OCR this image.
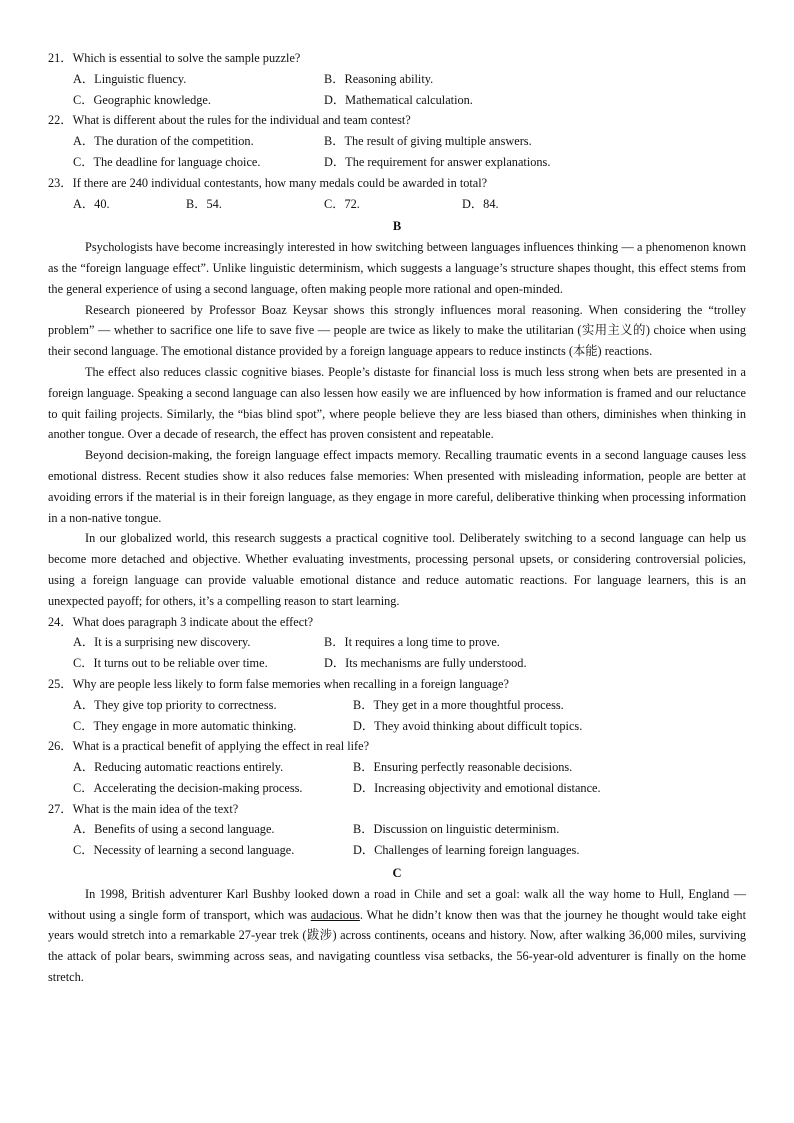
21．Which is essential to solve the sample puzzle?

A．Linguistic fluency.	B．Reasoning ability.
C．Geographic knowledge.	D．Mathematical calculation.

22．What is different about the rules for the individual and team contest?

A．The duration of the competition.	B．The result of giving multiple answers.
C．The deadline for language choice.	D．The requirement for answer explanations.

23．If there are 240 individual contestants, how many medals could be awarded in total?

A．40.	B．54.	C．72.	D．84.

B

Psychologists have become increasingly interested in how switching between languages influences thinking — a phenomenon known as the “foreign language effect”. Unlike linguistic determinism, which suggests a language’s structure shapes thought, this effect stems from the general experience of using a second language, often making people more rational and open-minded.

Research pioneered by Professor Boaz Keysar shows this strongly influences moral reasoning. When considering the “trolley problem” — whether to sacrifice one life to save five — people are twice as likely to make the utilitarian (实用主义的) choice when using their second language. The emotional distance provided by a foreign language appears to reduce instincts (本能) reactions.

The effect also reduces classic cognitive biases. People’s distaste for financial loss is much less strong when bets are presented in a foreign language. Speaking a second language can also lessen how easily we are influenced by how information is framed and our reluctance to quit failing projects. Similarly, the “bias blind spot”, where people believe they are less biased than others, diminishes when thinking in another tongue. Over a decade of research, the effect has proven consistent and repeatable.

Beyond decision-making, the foreign language effect impacts memory. Recalling traumatic events in a second language causes less emotional distress. Recent studies show it also reduces false memories: When presented with misleading information, people are better at avoiding errors if the material is in their foreign language, as they engage in more careful, deliberative thinking when processing information in a non-native tongue.

In our globalized world, this research suggests a practical cognitive tool. Deliberately switching to a second language can help us become more detached and objective. Whether evaluating investments, processing personal upsets, or considering controversial policies, using a foreign language can provide valuable emotional distance and reduce automatic reactions. For language learners, this is an unexpected payoff; for others, it’s a compelling reason to start learning.

24．What does paragraph 3 indicate about the effect?

A．It is a surprising new discovery.	B．It requires a long time to prove.
C．It turns out to be reliable over time.	D．Its mechanisms are fully understood.

25．Why are people less likely to form false memories when recalling in a foreign language?

A．They give top priority to correctness.	B．They get in a more thoughtful process.
C．They engage in more automatic thinking.	D．They avoid thinking about difficult topics.

26．What is a practical benefit of applying the effect in real life?

A．Reducing automatic reactions entirely.	B．Ensuring perfectly reasonable decisions.
C．Accelerating the decision-making process.	D．Increasing objectivity and emotional distance.

27．What is the main idea of the text?

A．Benefits of using a second language.	B．Discussion on linguistic determinism.
C．Necessity of learning a second language.	D．Challenges of learning foreign languages.

C

In 1998, British adventurer Karl Bushby looked down a road in Chile and set a goal: walk all the way home to Hull, England — without using a single form of transport, which was audacious. What he didn’t know then was that the journey he thought would take eight years would stretch into a remarkable 27-year trek (跋涉) across continents, oceans and history. Now, after walking 36,000 miles, surviving the attack of polar bears, swimming across seas, and navigating countless visa setbacks, the 56-year-old adventurer is finally on the home stretch.
